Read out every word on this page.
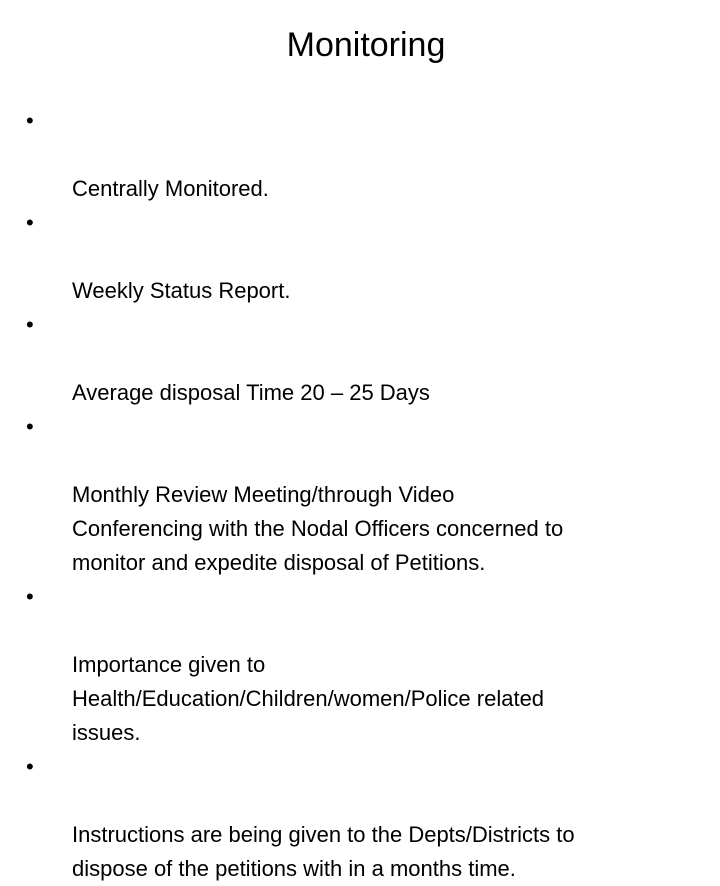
Monitoring

•

Centrally Monitored.

•

Weekly Status Report.

•

Average disposal Time 20 – 25 Days

•

Monthly Review Meeting/through Video
Conferencing with the Nodal Officers concerned to
monitor and expedite disposal of Petitions.

•

Importance given to
Health/Education/Children/women/Police related
issues.

•

Instructions are being given to the Depts/Districts to
dispose of the petitions with in a months time.
